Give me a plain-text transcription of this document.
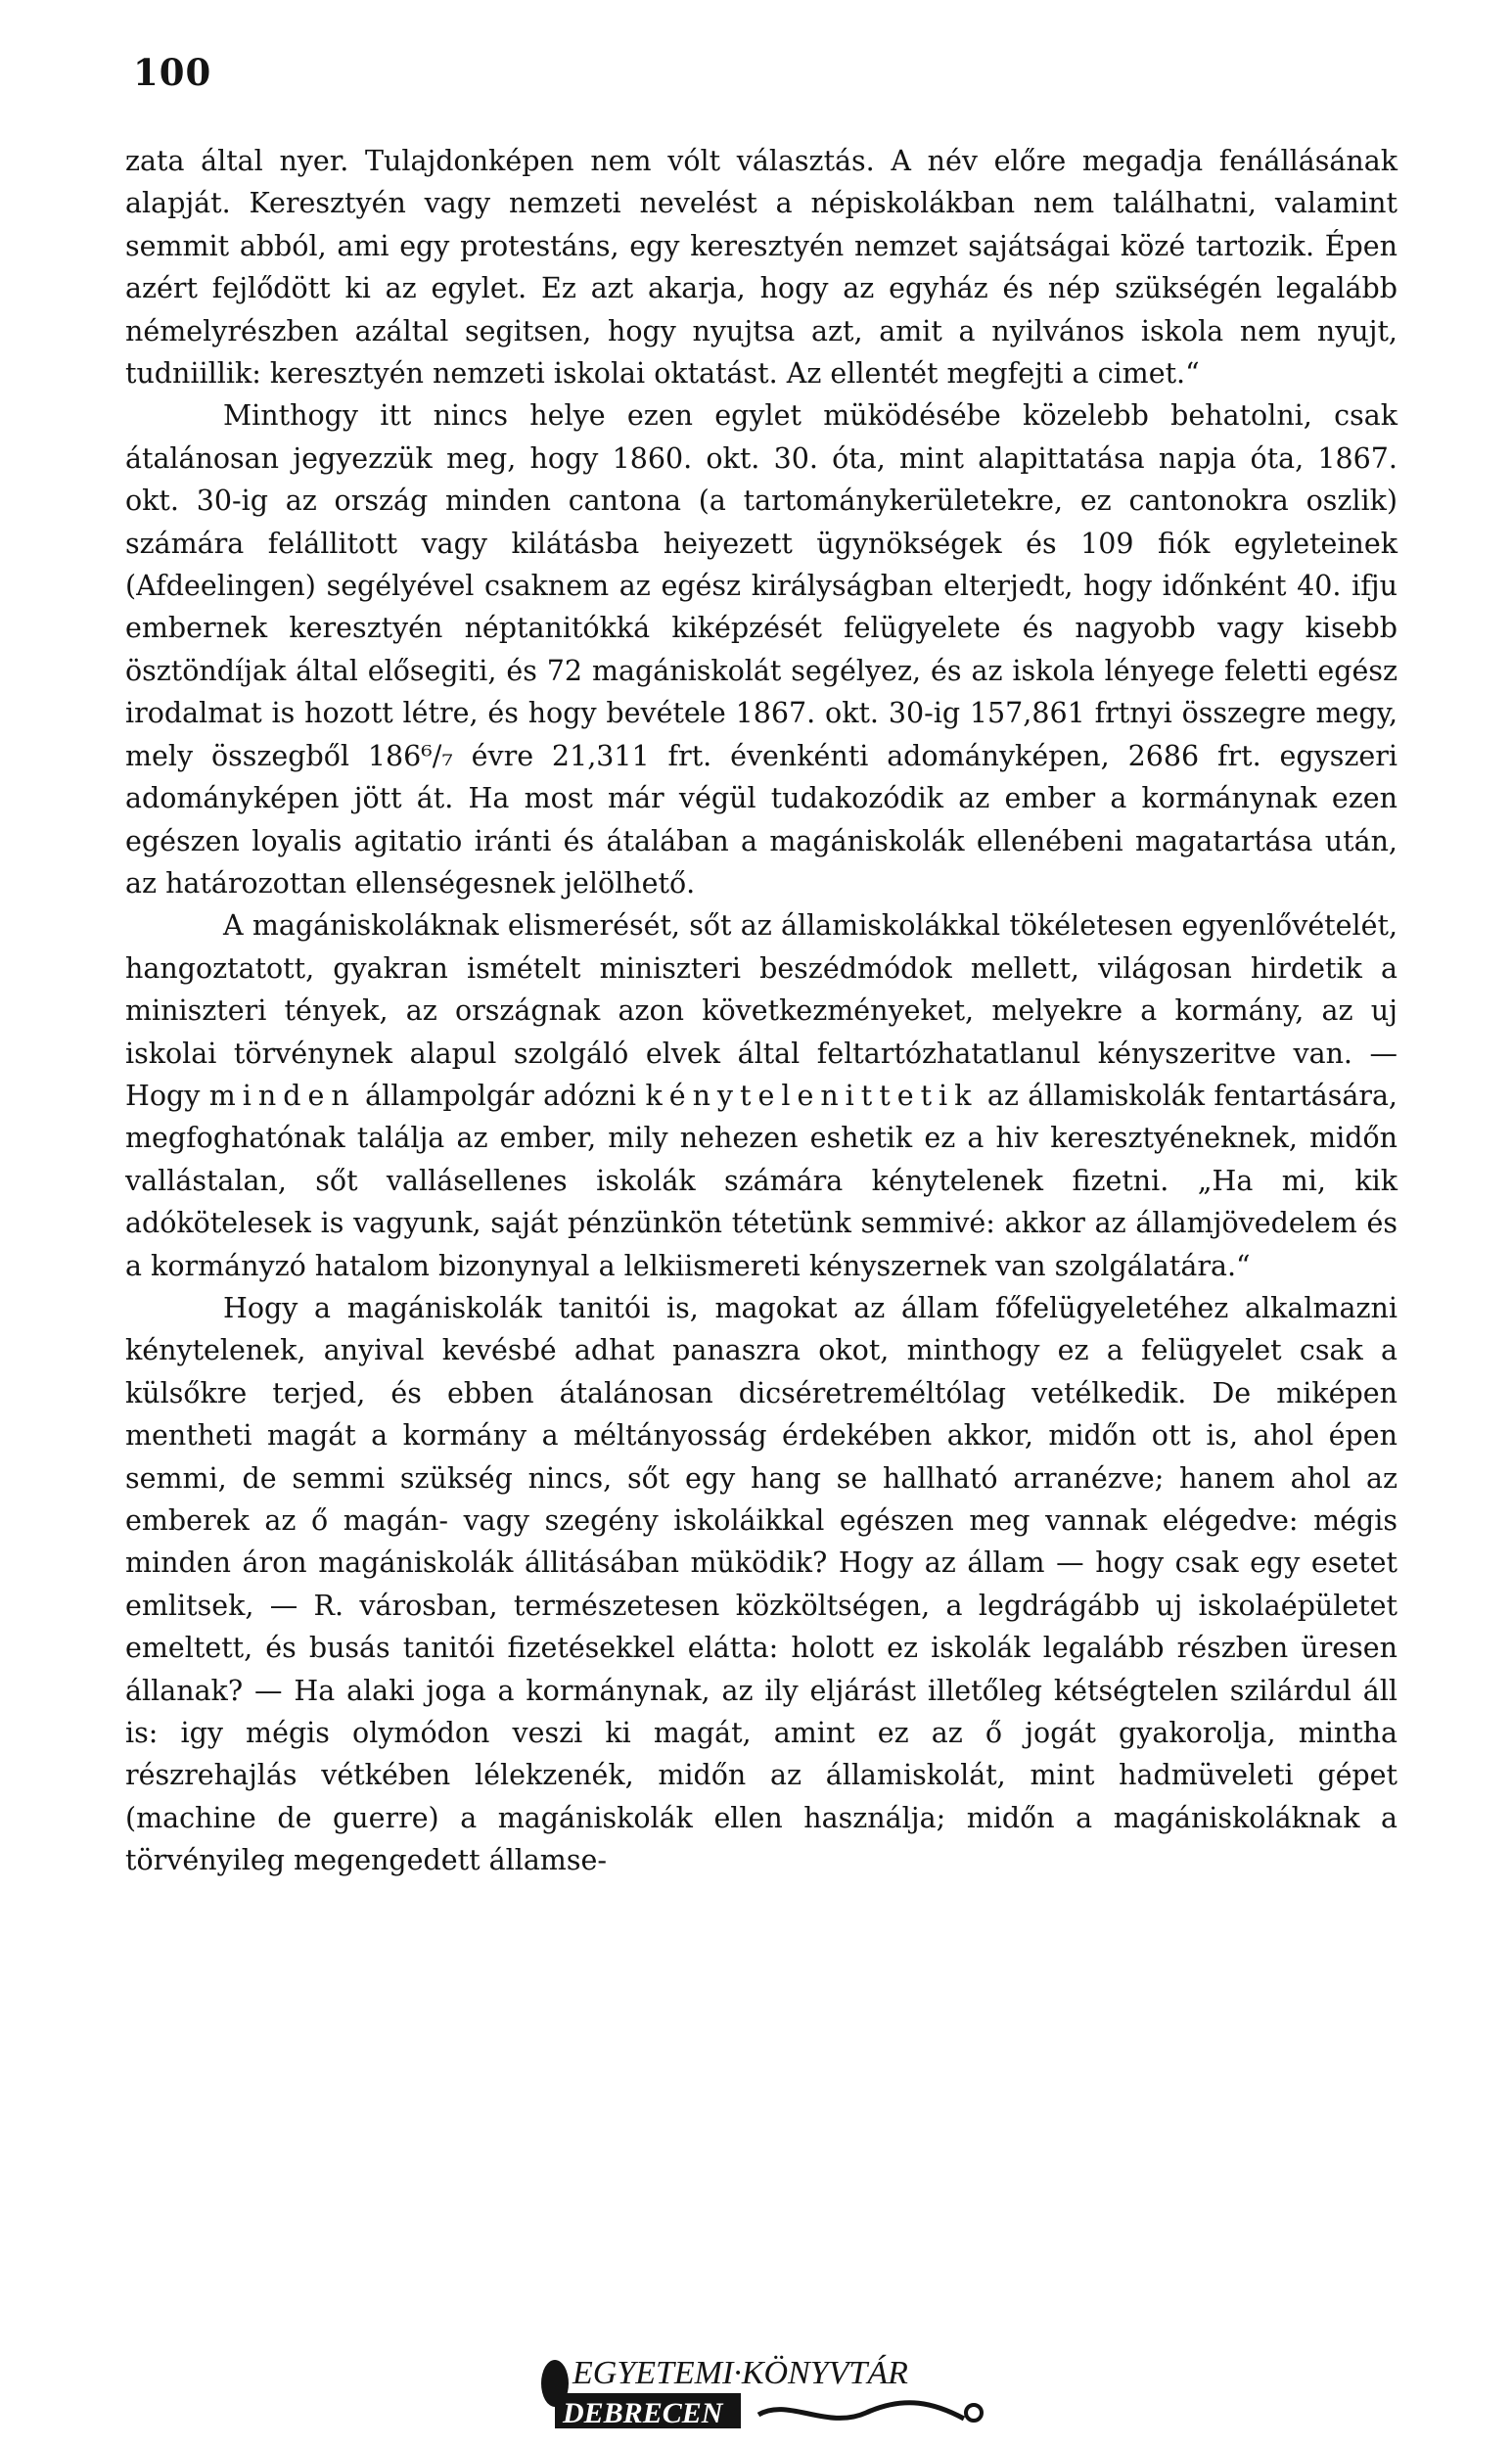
100

zata által nyer. Tulajdonképen nem vólt választás. A név előre megadja fenállásának alapját. Keresztyén vagy nemzeti nevelést a népiskolákban nem találhatni, valamint semmit abból, ami egy protestáns, egy keresztyén nemzet sajátságai közé tartozik. Épen azért fejlődött ki az egylet. Ez azt akarja, hogy az egyház és nép szükségén legalább némelyrészben azáltal segitsen, hogy nyujtsa azt, amit a nyilvános iskola nem nyujt, tudniillik: keresztyén nemzeti iskolai oktatást. Az ellentét megfejti a cimet.“

Minthogy itt nincs helye ezen egylet müködésébe közelebb behatolni, csak átalánosan jegyezzük meg, hogy 1860. okt. 30. óta, mint alapittatása napja óta, 1867. okt. 30-ig az ország minden cantona (a tartománykerületekre, ez cantonokra oszlik) számára felállitott vagy kilátásba heiyezett ügynökségek és 109 fiók egyleteinek (Afdeelingen) segélyével csaknem az egész királyságban elterjedt, hogy időnként 40. ifju embernek keresztyén néptanitókká kiképzését felügyelete és nagyobb vagy kisebb ösztöndíjak által elősegiti, és 72 magániskolát segélyez, és az iskola lényege feletti egész irodalmat is hozott létre, és hogy bevétele 1867. okt. 30-ig 157,861 frtnyi összegre megy, mely összegből 186⁶/₇ évre 21,311 frt. évenkénti adományképen, 2686 frt. egyszeri adományképen jött át. Ha most már végül tudakozódik az ember a kormánynak ezen egészen loyalis agitatio iránti és átalában a magániskolák ellenébeni magatartása után, az határozottan ellenségesnek jelölhető.

A magániskoláknak elismerését, sőt az államiskolákkal tökéletesen egyenlővételét, hangoztatott, gyakran ismételt miniszteri beszédmódok mellett, világosan hirdetik a miniszteri tények, az országnak azon következményeket, melyekre a kormány, az uj iskolai törvénynek alapul szolgáló elvek által feltartózhatatlanul kényszeritve van. — Hogy minden állampolgár adózni kénytelenittetik az államiskolák fentartására, megfoghatónak találja az ember, mily nehezen eshetik ez a hiv keresztyéneknek, midőn vallástalan, sőt vallásellenes iskolák számára kénytelenek fizetni. „Ha mi, kik adókötelesek is vagyunk, saját pénzünkön tétetünk semmivé: akkor az államjövedelem és a kormányzó hatalom bizonynyal a lelkiismereti kényszernek van szolgálatára.“

Hogy a magániskolák tanitói is, magokat az állam főfelügyeletéhez alkalmazni kénytelenek, anyival kevésbé adhat panaszra okot, minthogy ez a felügyelet csak a külsőkre terjed, és ebben átalánosan dicséretreméltólag vetélkedik. De miképen mentheti magát a kormány a méltányosság érdekében akkor, midőn ott is, ahol épen semmi, de semmi szükség nincs, sőt egy hang se hallható arranézve; hanem ahol az emberek az ő magán- vagy szegény iskoláikkal egészen meg vannak elégedve: mégis minden áron magániskolák állitásában müködik? Hogy az állam — hogy csak egy esetet emlitsek, — R. városban, természetesen közköltségen, a legdrágább uj iskolaépületet emeltett, és busás tanitói fizetésekkel elátta: holott ez iskolák legalább részben üresen állanak? — Ha alaki joga a kormánynak, az ily eljárást illetőleg kétségtelen szilárdul áll is: igy mégis olymódon veszi ki magát, amint ez az ő jogát gyakorolja, mintha részrehajlás vétkében lélekzenék, midőn az államiskolát, mint hadmüveleti gépet (machine de guerre) a magániskolák ellen használja; midőn a magániskoláknak a törvényileg megengedett államse-

EGYETEMI·KÖNYVTÁR
DEBRECEN
